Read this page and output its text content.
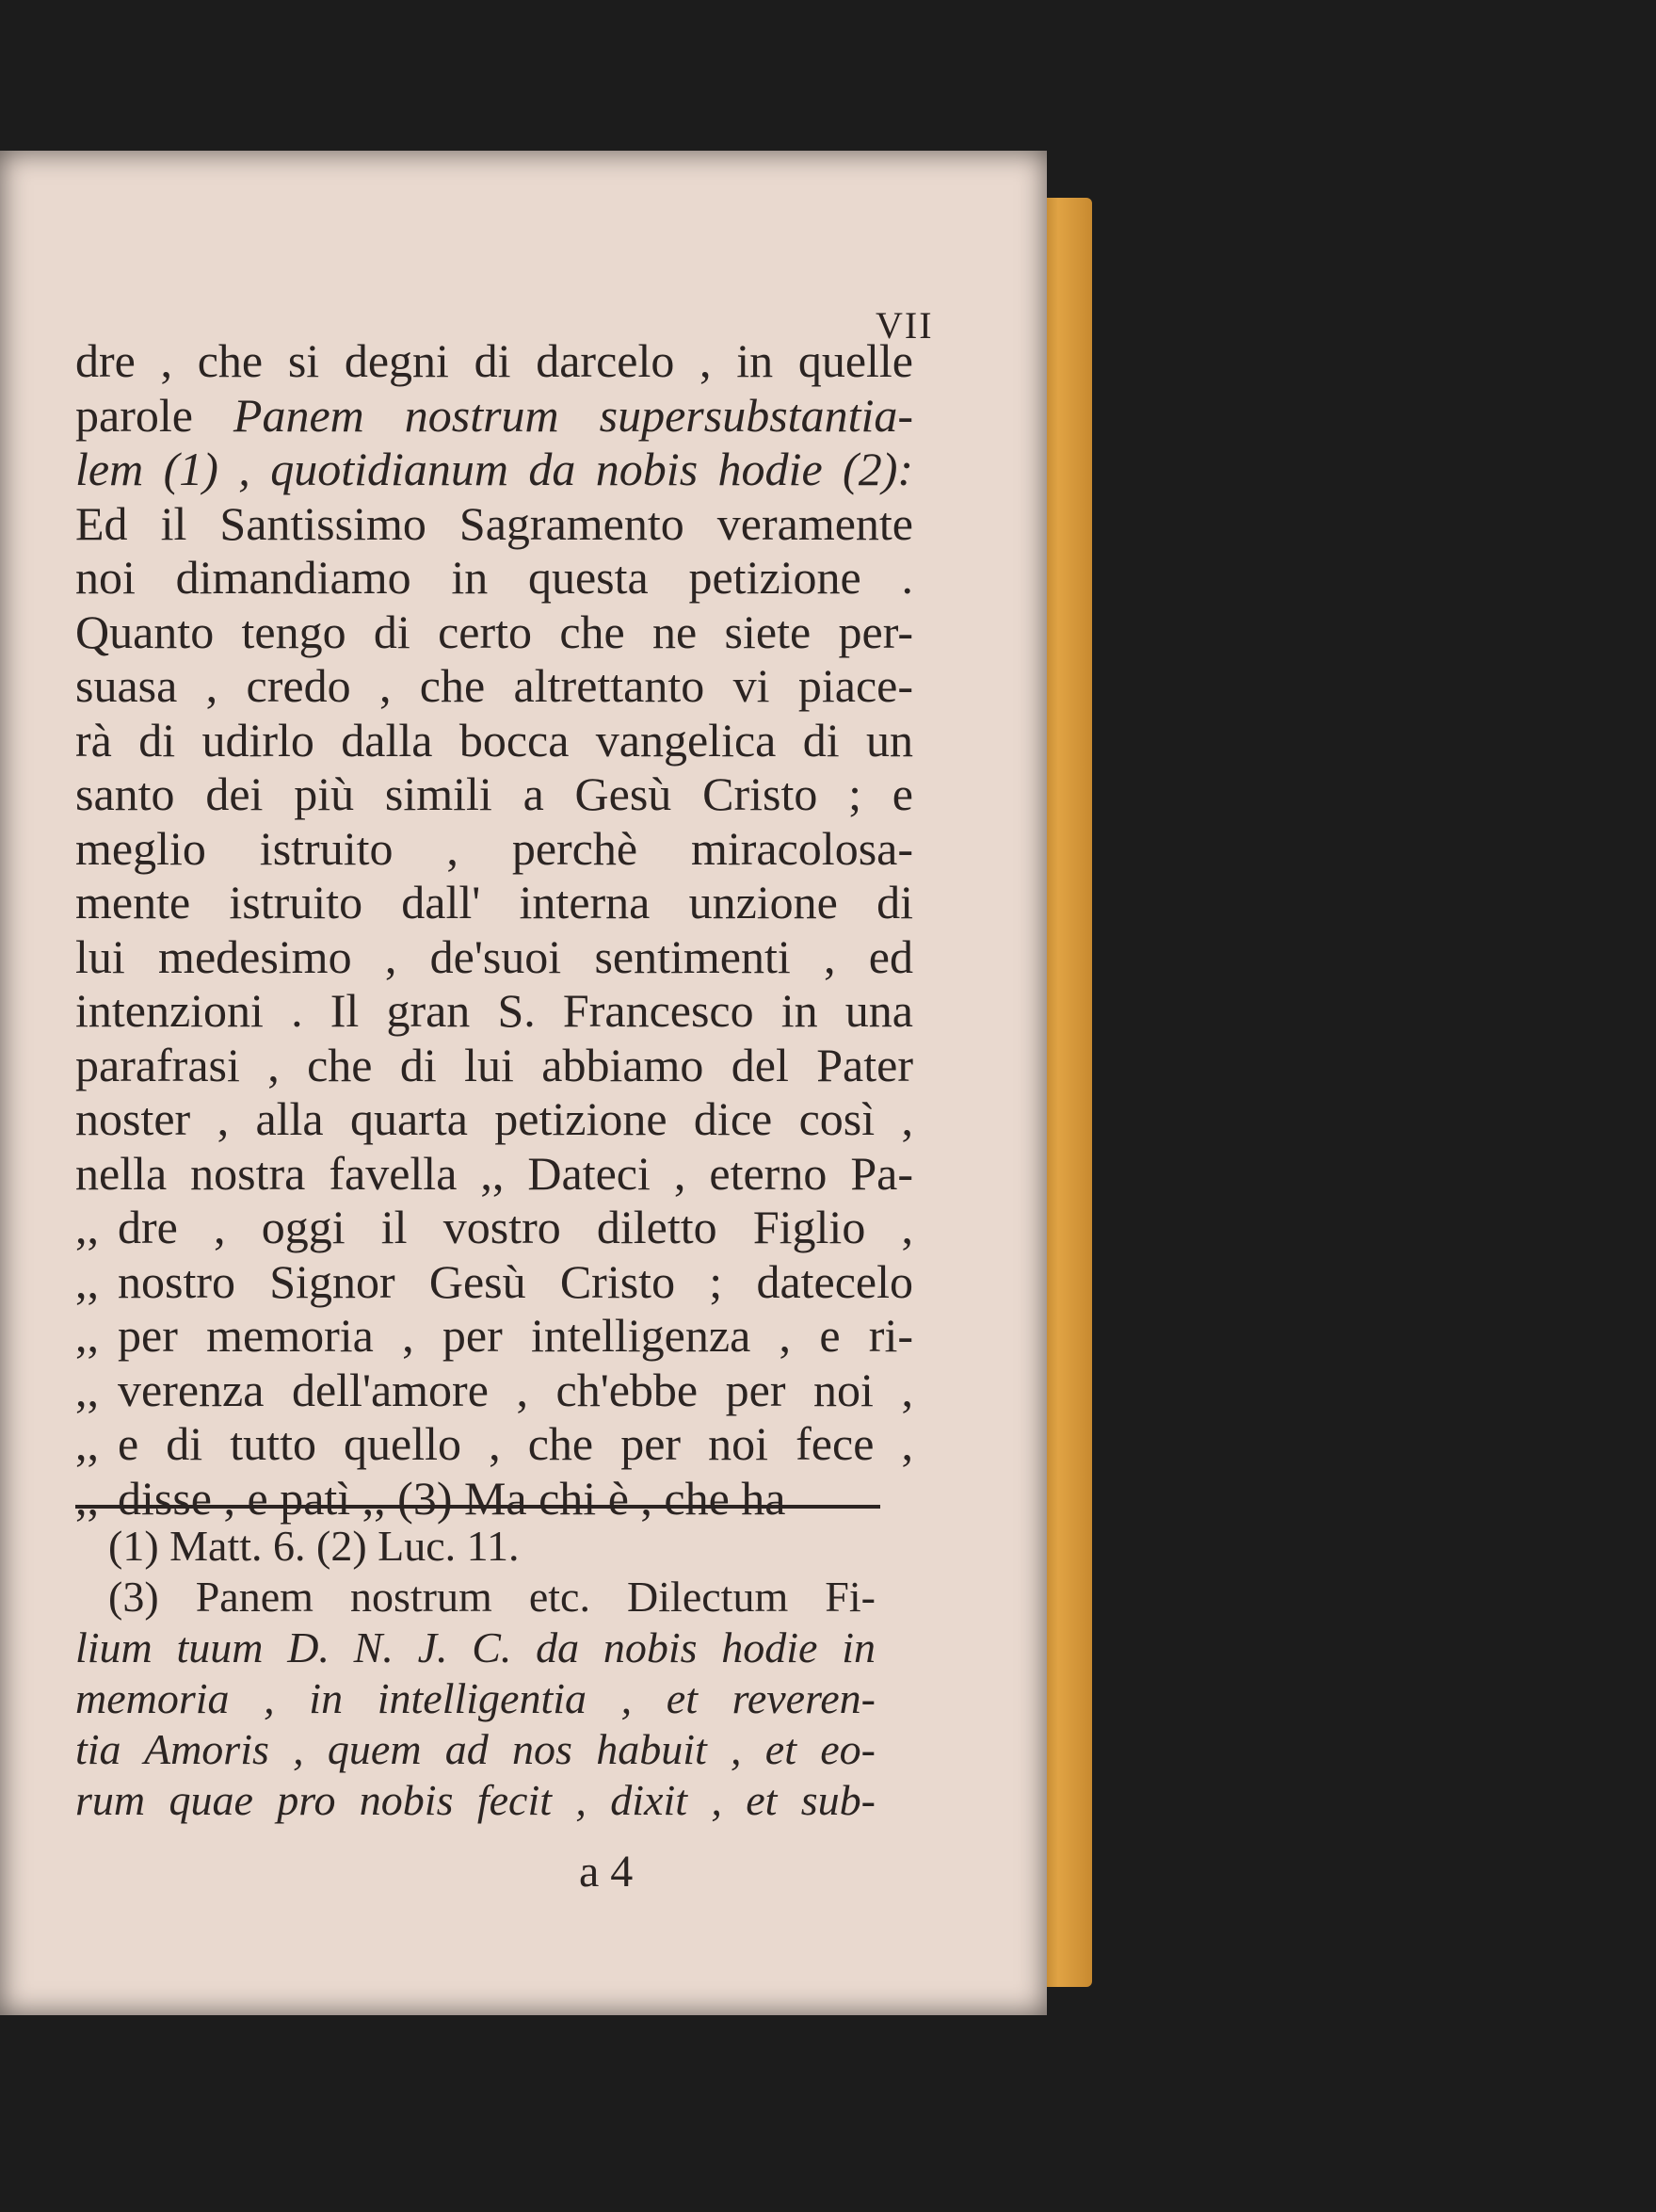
VII
dre , che si degni di darcelo , in quelle
parole Panem nostrum supersubstantia-
lem (1) , quotidianum da nobis hodie (2):
Ed il Santissimo Sagramento veramente
noi dimandiamo in questa petizione .
Quanto tengo di certo che ne siete per-
suasa , credo , che altrettanto vi piace-
rà di udirlo dalla bocca vangelica di un
santo dei più simili a Gesù Cristo ; e
meglio istruito , perchè miracolosa-
mente istruito dall' interna unzione di
lui medesimo , de'suoi sentimenti , ed
intenzioni . Il gran S. Francesco in una
parafrasi , che di lui abbiamo del Pater
noster , alla quarta petizione dice così ,
nella nostra favella ,, Dateci , eterno Pa-
,, dre , oggi il vostro diletto Figlio ,
,, nostro Signor Gesù Cristo ; datecelo
,, per memoria , per intelligenza , e ri-
,, verenza dell'amore , ch'ebbe per noi ,
,, e di tutto quello , che per noi fece ,
,, disse , e patì ,, (3) Ma chi è , che ha
(1) Matt. 6. (2) Luc. 11.
(3) Panem nostrum etc. Dilectum Fi-
lium tuum D. N. J. C. da nobis hodie in
memoria , in intelligentia , et reveren-
tia Amoris , quem ad nos habuit , et eo-
rum quae pro nobis fecit , dixit , et sub-
a 4
